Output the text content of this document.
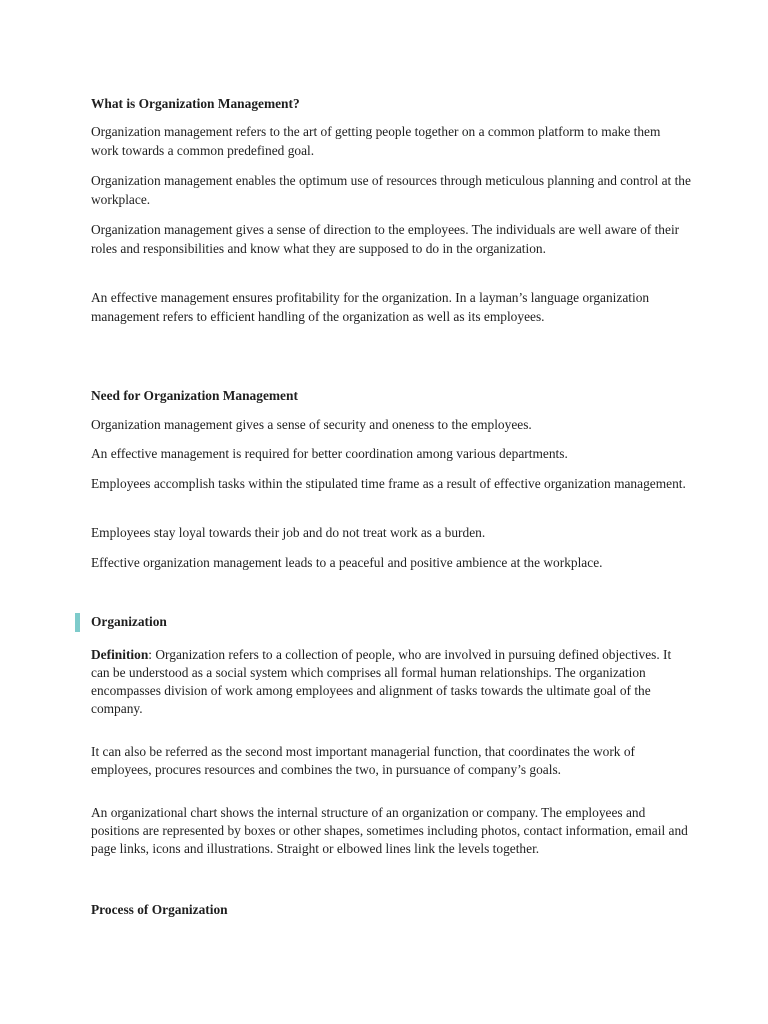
What is Organization Management?
Organization management refers to the art of getting people together on a common platform to make them work towards a common predefined goal.
Organization management enables the optimum use of resources through meticulous planning and control at the workplace.
Organization management gives a sense of direction to the employees. The individuals are well aware of their roles and responsibilities and know what they are supposed to do in the organization.
An effective management ensures profitability for the organization. In a layman’s language organization management refers to efficient handling of the organization as well as its employees.
Need for Organization Management
Organization management gives a sense of security and oneness to the employees.
An effective management is required for better coordination among various departments.
Employees accomplish tasks within the stipulated time frame as a result of effective organization management.
Employees stay loyal towards their job and do not treat work as a burden.
Effective organization management leads to a peaceful and positive ambience at the workplace.
Organization
Definition: Organization refers to a collection of people, who are involved in pursuing defined objectives. It can be understood as a social system which comprises all formal human relationships. The organization encompasses division of work among employees and alignment of tasks towards the ultimate goal of the company.
It can also be referred as the second most important managerial function, that coordinates the work of employees, procures resources and combines the two, in pursuance of company’s goals.
An organizational chart shows the internal structure of an organization or company. The employees and positions are represented by boxes or other shapes, sometimes including photos, contact information, email and page links, icons and illustrations. Straight or elbowed lines link the levels together.
Process of Organization
